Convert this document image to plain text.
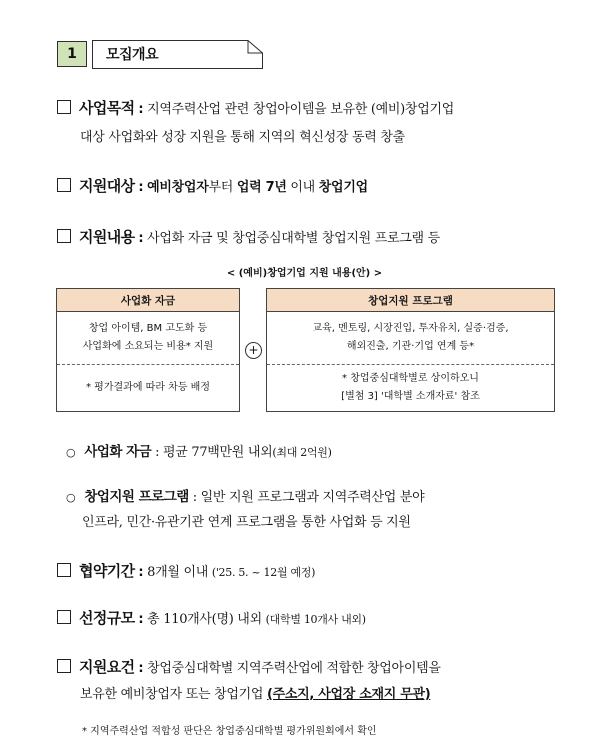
1	모집개요
사업목적 : 지역주력산업 관련 창업아이템을 보유한 (예비)창업기업
대상 사업화와 성장 지원을 통해 지역의 혁신성장 동력 창출
지원대상 : 예비창업자부터 업력 7년 이내 창업기업
지원내용 : 사업화 자금 및 창업중심대학별 창업지원 프로그램 등
< (예비)창업기업 지원 내용(안) >
사업화 자금
창업 아이템, BM 고도화 등
사업화에 소요되는 비용* 지원
* 평가결과에 따라 차등 배정
+
창업지원 프로그램
교육, 멘토링, 시장진입, 투자유치, 실증·검증,
해외진출, 기관·기업 연계 등*
* 창업중심대학별로 상이하오니
[별첨 3] '대학별 소개자료' 참조
○ 사업화 자금 : 평균 77백만원 내외(최대 2억원)
○ 창업지원 프로그램 : 일반 지원 프로그램과 지역주력산업 분야
인프라, 민간·유관기관 연계 프로그램을 통한 사업화 등 지원
협약기간 : 8개월 이내 ('25. 5. ~ 12월 예정)
선정규모 : 총 110개사(명) 내외 (대학별 10개사 내외)
지원요건 : 창업중심대학별 지역주력산업에 적합한 창업아이템을
보유한 예비창업자 또는 창업기업 (주소지, 사업장 소재지 무관)
* 지역주력산업 적합성 판단은 창업중심대학별 평가위원회에서 확인
